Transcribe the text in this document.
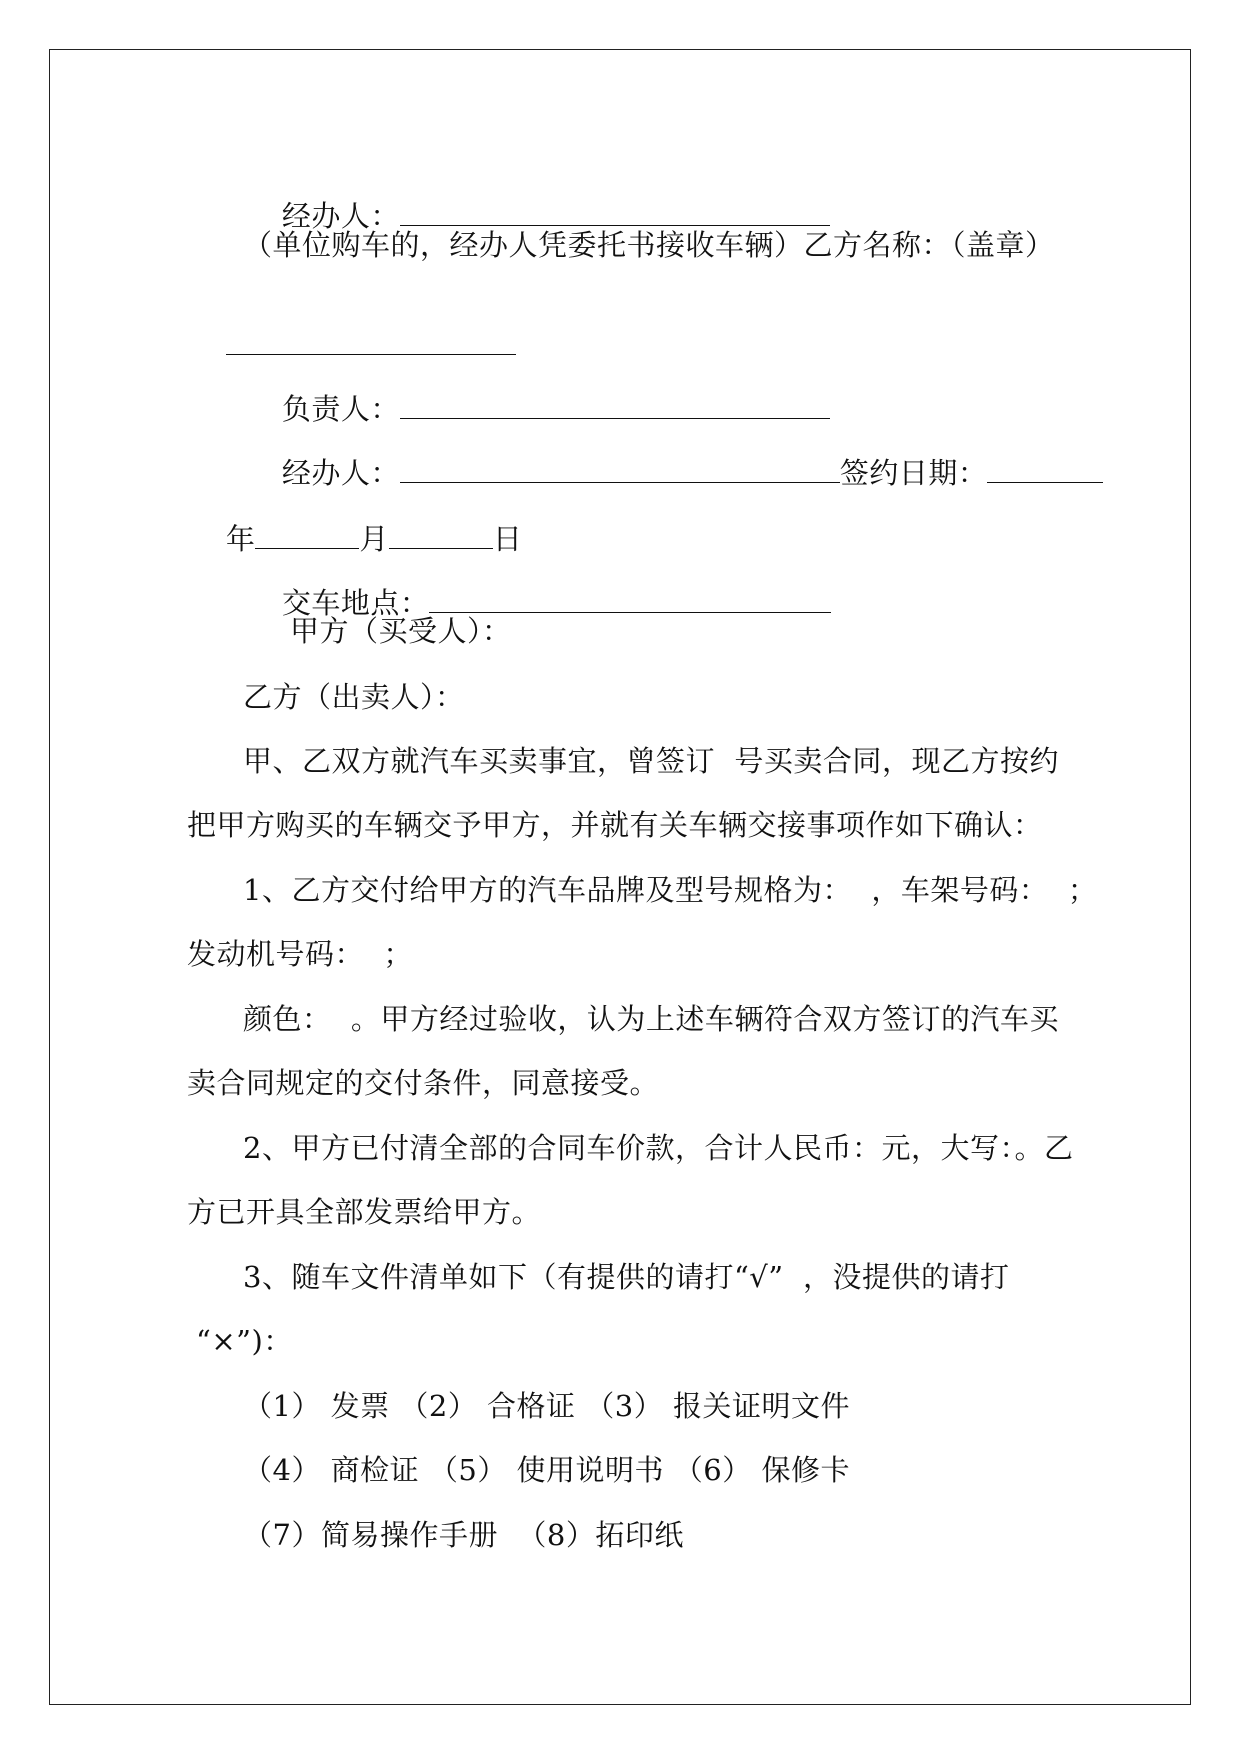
经办人：

（单位购车的，经办人凭委托书接收车辆）乙方名称：（盖章）

负责人：

经办人：	签约日期：

年	月	日

交车地点：

甲方（买受人）：
乙方（出卖人）：
甲、乙双方就汽车买卖事宜，曾签订  号买卖合同，现乙方按约
把甲方购买的车辆交予甲方，并就有关车辆交接事项作如下确认：
1、乙方交付给甲方的汽车品牌及型号规格为：  ，车架号码：  ；
发动机号码：  ；
颜色：  。甲方经过验收，认为上述车辆符合双方签订的汽车买
卖合同规定的交付条件，同意接受。
2、甲方已付清全部的合同车价款，合计人民币：元，大写：。乙
方已开具全部发票给甲方。
3、随车文件清单如下（有提供的请打“√”  ，没提供的请打
“×”)：
（1） 发票 （2） 合格证 （3） 报关证明文件
（4） 商检证 （5） 使用说明书 （6） 保修卡
（7）简易操作手册  （8）拓印纸
